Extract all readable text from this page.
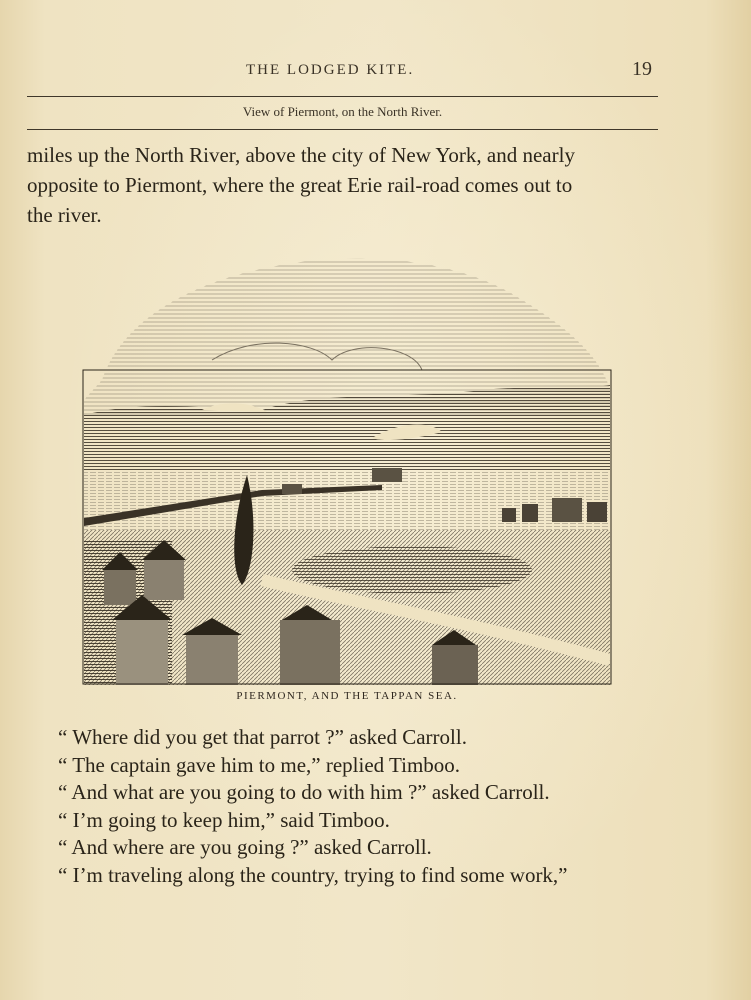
THE LODGED KITE.	19
View of Piermont, on the North River.
miles up the North River, above the city of New York, and nearly
opposite to Piermont, where the great Erie rail-road comes out to
the river.
PIERMONT, AND THE TAPPAN SEA.
“ Where did you get that parrot ?” asked Carroll.
“ The captain gave him to me,” replied Timboo.
“ And what are you going to do with him ?” asked Carroll.
“ I’m going to keep him,” said Timboo.
“ And where are you going ?” asked Carroll.
“ I’m traveling along the country, trying to find some work,”
